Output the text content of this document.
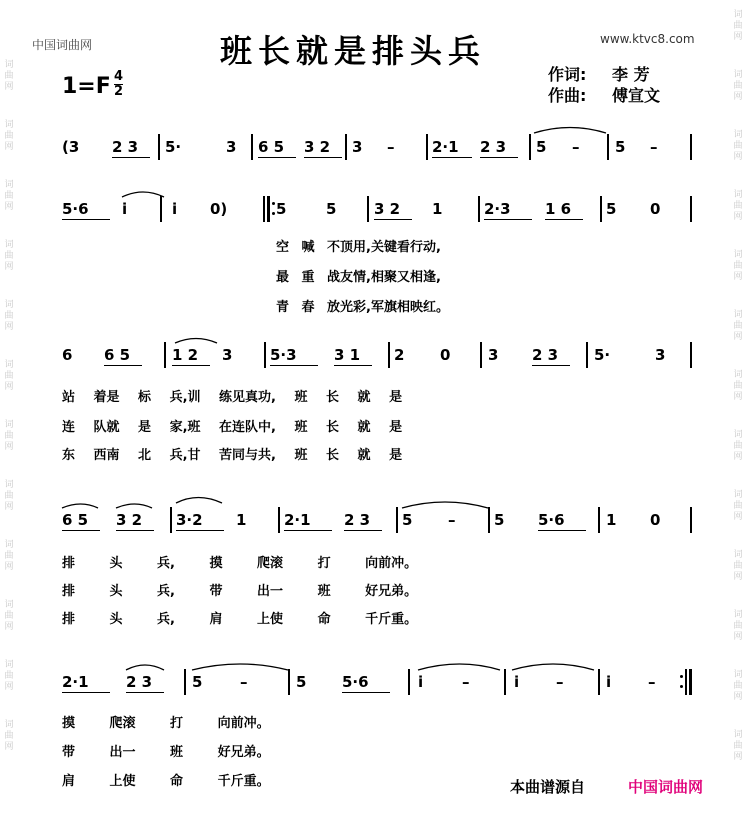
词
曲
网
词
曲
网
词
曲
网
词
曲
网
词
曲
网
词
曲
网
词
曲
网
词
曲
网
词
曲
网
词
曲
网
词
曲
网
词
曲
网
词
曲
网
词
曲
网
词
曲
网
词
曲
网
词
曲
网
词
曲
网
词
曲
网
词
曲
网
词
曲
网
词
曲
网
词
曲
网
词
曲
网
词
曲
网
中国词曲网	www.ktvc8.com
班长就是排头兵
1=F 4
2
作词: 李 芳
作曲: 傅宣文
(3 2 3 5·	3 6 5 3 2 3 –	2·1 2 3 5 – 5 –
5·6 i	i 0)	5	5	3 2 1	2·3 1 6 5 0
空 喊 不顶用,关键看行动,
最 重 战友情,相聚又相逢,
青 春 放光彩,军旗相映红。
6 6 5	1 2 3	5·3 3 1 2 0	3 2 3 5·	3
站 着是 标 兵,训 练见真功, 班 长 就 是
连 队就 是 家,班 在连队中, 班 长 就 是
东 西南 北 兵,甘 苦同与共, 班 长 就 是
6 5 3 2 3·2 1	2·1 2 3 5 –	5 5·6	1 0
排 头 兵, 摸 爬滚 打 向前冲。
排 头 兵, 带 出一 班 好兄弟。
排 头 兵, 肩 上使 命 千斤重。
2·1 2 3	5	–	5 5·6	i	–	i –	i –
摸 爬滚 打 向前冲。
带 出一 班 好兄弟。
肩 上使 命 千斤重。	本曲谱源自	中国词曲网
